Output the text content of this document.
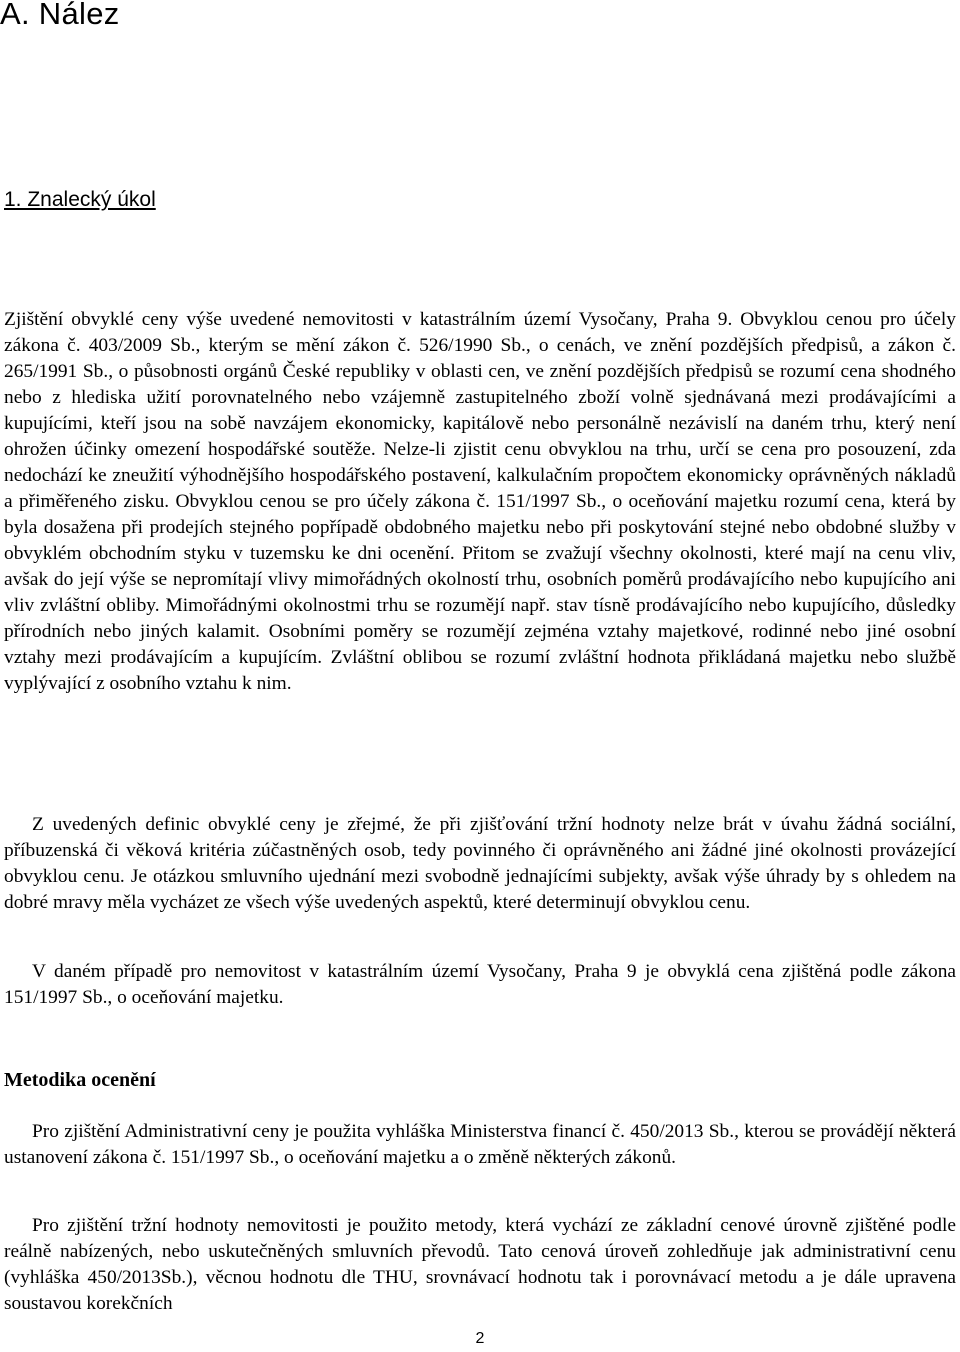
A. Nález
1. Znalecký úkol

Zjištění obvyklé ceny výše uvedené nemovitosti v katastrálním území Vysočany, Praha 9. Obvyklou cenou pro účely zákona č. 403/2009 Sb., kterým se mění zákon č. 526/1990 Sb., o cenách, ve znění pozdějších předpisů, a zákon č. 265/1991 Sb., o působnosti orgánů České republiky v oblasti cen, ve znění pozdějších předpisů se rozumí cena shodného nebo z hlediska užití porovnatelného nebo vzájemně zastupitelného zboží volně sjednávaná mezi prodávajícími a kupujícími, kteří jsou na sobě navzájem ekonomicky, kapitálově nebo personálně nezávislí na daném trhu, který není ohrožen účinky omezení hospodářské soutěže. Nelze-li zjistit cenu obvyklou na trhu, určí se cena pro posouzení, zda nedochází ke zneužití výhodnějšího hospodářského postavení, kalkulačním propočtem ekonomicky oprávněných nákladů a přiměřeného zisku. Obvyklou cenou se pro účely zákona č. 151/1997 Sb., o oceňování majetku rozumí cena, která by byla dosažena při prodejích stejného popřípadě obdobného majetku nebo při poskytování stejné nebo obdobné služby v obvyklém obchodním styku v tuzemsku ke dni ocenění. Přitom se zvažují všechny okolnosti, které mají na cenu vliv, avšak do její výše se nepromítají vlivy mimořádných okolností trhu, osobních poměrů prodávajícího nebo kupujícího ani vliv zvláštní obliby. Mimořádnými okolnostmi trhu se rozumějí např. stav tísně prodávajícího nebo kupujícího, důsledky přírodních nebo jiných kalamit. Osobními poměry se rozumějí zejména vztahy majetkové, rodinné nebo jiné osobní vztahy mezi prodávajícím a kupujícím. Zvláštní oblibou se rozumí zvláštní hodnota přikládaná majetku nebo službě vyplývající z osobního vztahu k nim.

Z uvedených definic obvyklé ceny je zřejmé, že při zjišťování tržní hodnoty nelze brát v úvahu žádná sociální, příbuzenská či věková kritéria zúčastněných osob, tedy povinného či oprávněného ani žádné jiné okolnosti provázející obvyklou cenu. Je otázkou smluvního ujednání mezi svobodně jednajícími subjekty, avšak výše úhrady by s ohledem na dobré mravy měla vycházet ze všech výše uvedených aspektů, které determinují obvyklou cenu.

V daném případě pro nemovitost v katastrálním území Vysočany, Praha 9 je obvyklá cena zjištěná podle zákona 151/1997 Sb., o oceňování majetku.

Metodika ocenění

Pro zjištění Administrativní ceny je použita vyhláška Ministerstva financí č. 450/2013 Sb., kterou se provádějí některá ustanovení zákona č. 151/1997 Sb., o oceňování majetku a o změně některých zákonů.

Pro zjištění tržní hodnoty nemovitosti je použito metody, která vychází ze základní cenové úrovně zjištěné podle reálně nabízených, nebo uskutečněných smluvních převodů. Tato cenová úroveň zohledňuje jak administrativní cenu (vyhláška 450/2013Sb.), věcnou hodnotu dle THU, srovnávací hodnotu tak i porovnávací metodu a je dále upravena soustavou korekčních

2
